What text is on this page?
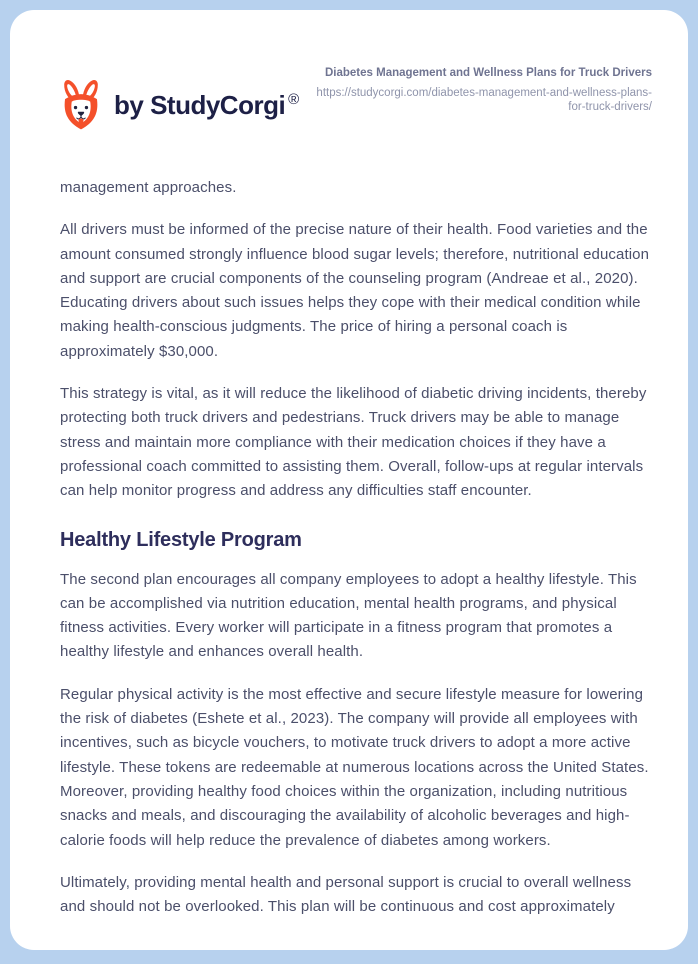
by StudyCorgi ®
Diabetes Management and Wellness Plans for Truck Drivers
https://studycorgi.com/diabetes-management-and-wellness-plans-for-truck-drivers/

management approaches.

All drivers must be informed of the precise nature of their health. Food varieties and the amount consumed strongly influence blood sugar levels; therefore, nutritional education and support are crucial components of the counseling program (Andreae et al., 2020). Educating drivers about such issues helps they cope with their medical condition while making health-conscious judgments. The price of hiring a personal coach is approximately $30,000.

This strategy is vital, as it will reduce the likelihood of diabetic driving incidents, thereby protecting both truck drivers and pedestrians. Truck drivers may be able to manage stress and maintain more compliance with their medication choices if they have a professional coach committed to assisting them. Overall, follow-ups at regular intervals can help monitor progress and address any difficulties staff encounter.

Healthy Lifestyle Program

The second plan encourages all company employees to adopt a healthy lifestyle. This can be accomplished via nutrition education, mental health programs, and physical fitness activities. Every worker will participate in a fitness program that promotes a healthy lifestyle and enhances overall health.

Regular physical activity is the most effective and secure lifestyle measure for lowering the risk of diabetes (Eshete et al., 2023). The company will provide all employees with incentives, such as bicycle vouchers, to motivate truck drivers to adopt a more active lifestyle. These tokens are redeemable at numerous locations across the United States. Moreover, providing healthy food choices within the organization, including nutritious snacks and meals, and discouraging the availability of alcoholic beverages and high-calorie foods will help reduce the prevalence of diabetes among workers.

Ultimately, providing mental health and personal support is crucial to overall wellness and should not be overlooked. This plan will be continuous and cost approximately
